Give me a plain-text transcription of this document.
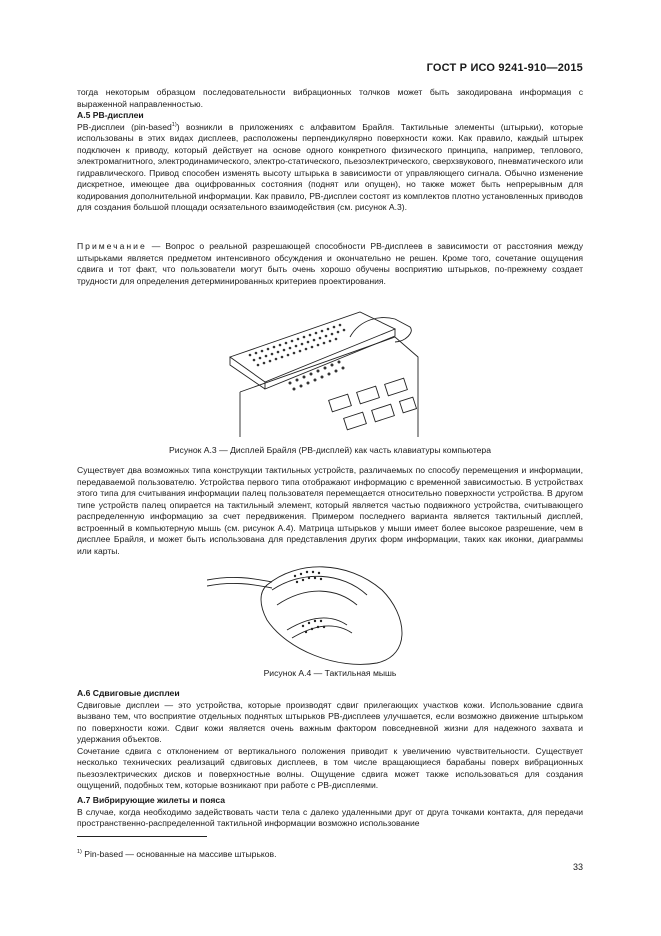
ГОСТ Р ИСО 9241-910—2015

тогда некоторым образцом последовательности вибрационных толчков может быть закодирована информация с выраженной направленностью.

А.5 PB-дисплеи

PB-дисплеи (pin-based$^{1)}$) возникли в приложениях с алфавитом Брайля. Тактильные элементы (штырьки), которые использованы в этих видах дисплеев, расположены перпендикулярно поверхности кожи. Как правило, каждый штырек подключен к приводу, который действует на основе одного конкретного физического принципа, например, теплового, электромагнитного, электродинамического, электро-статического, пьезоэлектрического, сверхзвукового, пневматического или гидравлического. Привод способен изменять высоту штырька в зависимости от управляющего сигнала. Обычно изменение дискретное, имеющее два оцифрованных состояния (поднят или опущен), но также может быть непрерывным для кодирования дополнительной информации. Как правило, PB-дисплеи состоят из комплектов плотно установленных приводов для создания большой площади осязательного взаимодействия (см. рисунок А.3).

Примечание — Вопрос о реальной разрешающей способности PB-дисплеев в зависимости от расстояния между штырьками является предметом интенсивного обсуждения и окончательно не решен. Кроме того, сочетание ощущения сдвига и тот факт, что пользователи могут быть очень хорошо обучены восприятию штырьков, по-прежнему создает трудности для определения детерминированных критериев проектирования.

Рисунок А.3 — Дисплей Брайля (PB-дисплей) как часть клавиатуры компьютера

Существует два возможных типа конструкции тактильных устройств, различаемых по способу перемещения и информации, передаваемой пользователю. Устройства первого типа отображают информацию с временной зависимостью. В устройствах этого типа для считывания информации палец пользователя перемещается относительно поверхности устройства. В другом типе устройств палец опирается на тактильный элемент, который является частью подвижного устройства, считывающего распределенную информацию за счет передвижения. Примером последнего варианта является тактильный дисплей, встроенный в компьютерную мышь (см. рисунок А.4). Матрица штырьков у мыши имеет более высокое разрешение, чем в дисплее Брайля, и может быть использована для представления других форм информации, таких как иконки, диаграммы или карты.

Рисунок А.4 — Тактильная мышь

А.6 Сдвиговые дисплеи

Сдвиговые дисплеи — это устройства, которые производят сдвиг прилегающих участков кожи. Использование сдвига вызвано тем, что восприятие отдельных поднятых штырьков PB-дисплеев улучшается, если возможно движение штырьком по поверхности кожи. Сдвиг кожи является очень важным фактором повседневной жизни для надежного захвата и удержания объектов.

Сочетание сдвига с отклонением от вертикального положения приводит к увеличению чувствительности. Существует несколько технических реализаций сдвиговых дисплеев, в том числе вращающиеся барабаны поверх вибрационных пьезоэлектрических дисков и поверхностные волны. Ощущение сдвига может также использоваться для создания ощущений, подобных тем, которые возникают при работе с PB-дисплеями.

А.7 Вибрирующие жилеты и пояса

В случае, когда необходимо задействовать части тела с далеко удаленными друг от друга точками контакта, для передачи пространственно-распределенной тактильной информации возможно использование

$^{1)}$ Pin-based — основанные на массиве штырьков.
33
